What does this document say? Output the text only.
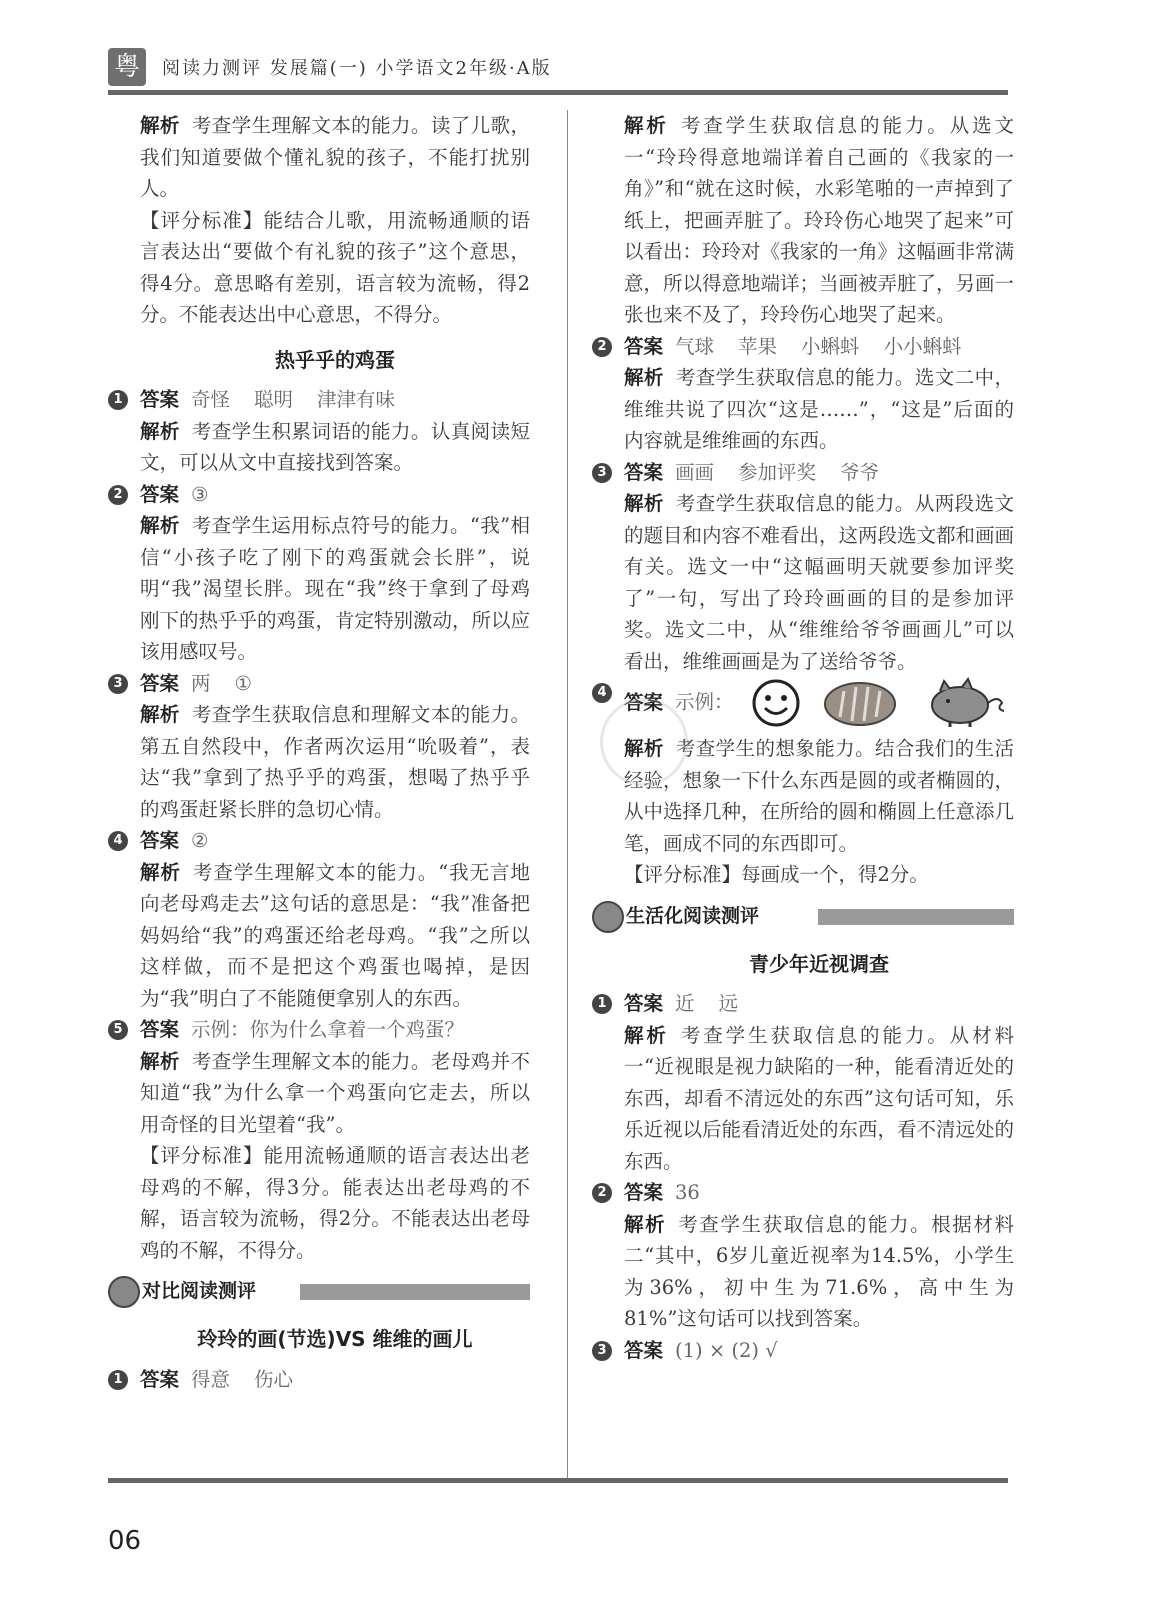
粤	阅读力测评 发展篇(一) 小学语文2年级·A版

解析 考查学生理解文本的能力。读了儿歌，我们知道要做个懂礼貌的孩子，不能打扰别人。

【评分标准】能结合儿歌，用流畅通顺的语言表达出“要做个有礼貌的孩子”这个意思，得4分。意思略有差别，语言较为流畅，得2分。不能表达出中心意思，不得分。

热乎乎的鸡蛋

1 答案 奇怪 聪明 津津有味

解析 考查学生积累词语的能力。认真阅读短文，可以从文中直接找到答案。

2 答案 ③

解析 考查学生运用标点符号的能力。“我”相信“小孩子吃了刚下的鸡蛋就会长胖”，说明“我”渴望长胖。现在“我”终于拿到了母鸡刚下的热乎乎的鸡蛋，肯定特别激动，所以应该用感叹号。

3 答案 两 ①

解析 考查学生获取信息和理解文本的能力。第五自然段中，作者两次运用“吮吸着”，表达“我”拿到了热乎乎的鸡蛋，想喝了热乎乎的鸡蛋赶紧长胖的急切心情。

4 答案 ②

解析 考查学生理解文本的能力。“我无言地向老母鸡走去”这句话的意思是：“我”准备把妈妈给“我”的鸡蛋还给老母鸡。“我”之所以这样做，而不是把这个鸡蛋也喝掉，是因为“我”明白了不能随便拿别人的东西。

5 答案 示例：你为什么拿着一个鸡蛋？

解析 考查学生理解文本的能力。老母鸡并不知道“我”为什么拿一个鸡蛋向它走去，所以用奇怪的目光望着“我”。

【评分标准】能用流畅通顺的语言表达出老母鸡的不解，得3分。能表达出老母鸡的不解，语言较为流畅，得2分。不能表达出老母鸡的不解，不得分。

对比阅读测评
玲玲的画(节选)VS 维维的画儿

1 答案 得意 伤心

解析 考查学生获取信息的能力。从选文一“玲玲得意地端详着自己画的《我家的一角》”和“就在这时候，水彩笔啪的一声掉到了纸上，把画弄脏了。玲玲伤心地哭了起来”可以看出：玲玲对《我家的一角》这幅画非常满意，所以得意地端详；当画被弄脏了，另画一张也来不及了，玲玲伤心地哭了起来。

2 答案 气球 苹果 小蝌蚪 小小蝌蚪

解析 考查学生获取信息的能力。选文二中，维维共说了四次“这是……”，“这是”后面的内容就是维维画的东西。

3 答案 画画 参加评奖 爷爷

解析 考查学生获取信息的能力。从两段选文的题目和内容不难看出，这两段选文都和画画有关。选文一中“这幅画明天就要参加评奖了”一句，写出了玲玲画画的目的是参加评奖。选文二中，从“维维给爷爷画画儿”可以看出，维维画画是为了送给爷爷。

4 答案 示例：

解析 考查学生的想象能力。结合我们的生活经验，想象一下什么东西是圆的或者椭圆的，从中选择几种，在所给的圆和椭圆上任意添几笔，画成不同的东西即可。

【评分标准】每画成一个，得2分。

生活化阅读测评
青少年近视调查

1 答案 近 远

解析 考查学生获取信息的能力。从材料一“近视眼是视力缺陷的一种，能看清近处的东西，却看不清远处的东西”这句话可知，乐乐近视以后能看清近处的东西，看不清远处的东西。

2 答案 36

解析 考查学生获取信息的能力。根据材料二“其中，6岁儿童近视率为14.5%，小学生为36%，初中生为71.6%，高中生为81%”这句话可以找到答案。

3 答案 (1) × (2) √

06
